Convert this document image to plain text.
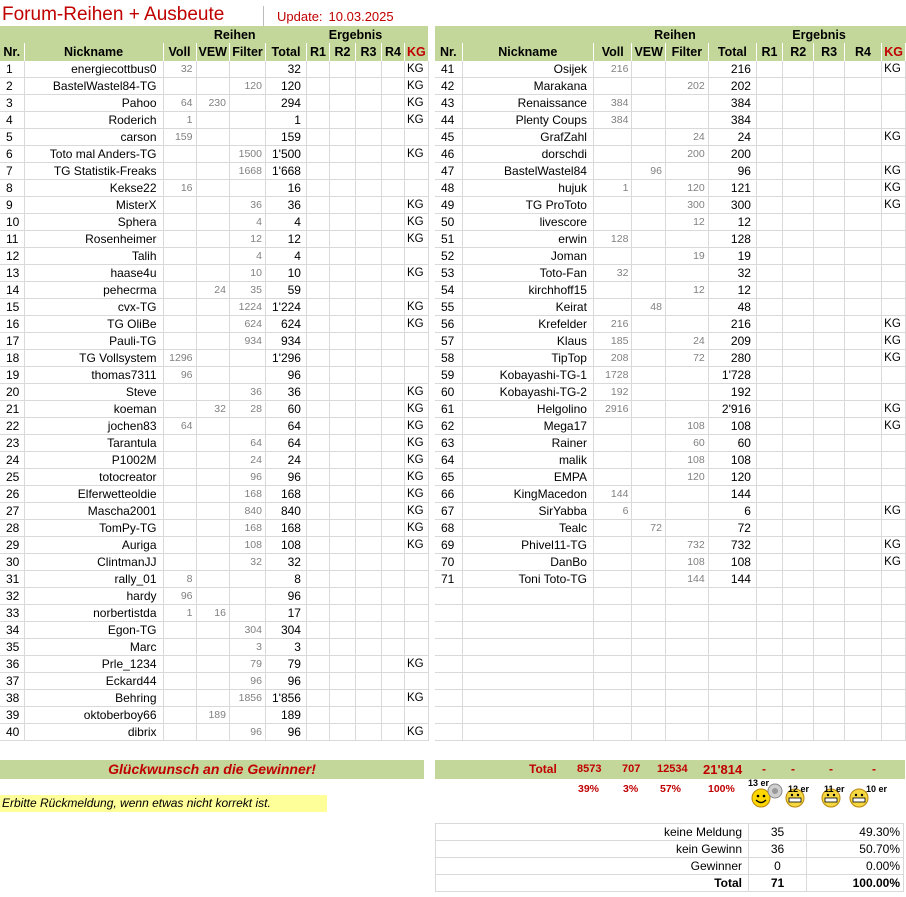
Forum-Reihen + Ausbeute	Update: 10.03.2025
		Reihen				Ergebnis				
Nr.	Nickname	Voll	VEW	Filter	Total	R1	R2	R3	R4	KG
1	energiecottbus0	32			32					KG
2	BastelWastel84-TG			120	120					KG
3	Pahoo	64	230		294					KG
4	Roderich	1			1					KG
5	carson	159			159					
6	Toto mal Anders-TG			1500	1'500					KG
7	TG Statistik-Freaks			1668	1'668					
8	Kekse22	16			16					
9	MisterX			36	36					KG
10	Sphera			4	4					KG
11	Rosenheimer			12	12					KG
12	Talih			4	4					
13	haase4u			10	10					KG
14	pehecrma		24	35	59					
15	cvx-TG			1224	1'224					KG
16	TG OliBe			624	624					KG
17	Pauli-TG			934	934					
18	TG Vollsystem	1296			1'296					
19	thomas7311	96			96					
20	Steve			36	36					KG
21	koeman		32	28	60					KG
22	jochen83	64			64					KG
23	Tarantula			64	64					KG
24	P1002M			24	24					KG
25	totocreator			96	96					KG
26	Elferwetteoldie			168	168					KG
27	Mascha2001			840	840					KG
28	TomPy-TG			168	168					KG
29	Auriga			108	108					KG
30	ClintmanJJ			32	32					
31	rally_01	8			8					
32	hardy	96			96					
33	norbertistda	1	16		17					
34	Egon-TG			304	304					
35	Marc			3	3					
36	Prle_1234			79	79					KG
37	Eckard44			96	96					
38	Behring			1856	1'856					KG
39	oktoberboy66		189		189					
40	dibrix			96	96					KG
		Reihen				Ergebnis				
Nr.	Nickname	Voll	VEW	Filter	Total	R1	R2	R3	R4	KG
41	Osijek	216			216					KG
42	Marakana			202	202					
43	Renaissance	384			384					
44	Plenty Coups	384			384					
45	GrafZahl			24	24					KG
46	dorschdi			200	200					
47	BastelWastel84		96		96					KG
48	hujuk	1		120	121					KG
49	TG ProToto			300	300					KG
50	livescore			12	12					
51	erwin	128			128					
52	Joman			19	19					
53	Toto-Fan	32			32					
54	kirchhoff15			12	12					
55	Keirat		48		48					
56	Krefelder	216			216					KG
57	Klaus	185		24	209					KG
58	TipTop	208		72	280					KG
59	Kobayashi-TG-1	1728			1'728					
60	Kobayashi-TG-2	192			192					
61	Helgolino	2916			2'916					KG
62	Mega17			108	108					KG
63	Rainer			60	60					
64	malik			108	108					
65	EMPA			120	120					
66	KingMacedon	144			144					
67	SirYabba	6			6					KG
68	Tealc		72		72					
69	Phivel11-TG			732	732					KG
70	DanBo			108	108					KG
71	Toni Toto-TG			144	144					

Glückwunsch an die Gewinner!
Erbitte Rückmeldung, wenn etwas nicht korrekt ist.
Total 8573 707 12534 21'814 - -	-	-
39% 3% 57%	100% 13 er
12 er 11 er 10 er
keine Meldung	35	49.30%
kein Gewinn	36	50.70%
Gewinner	0	0.00%
Total	71	100.00%
